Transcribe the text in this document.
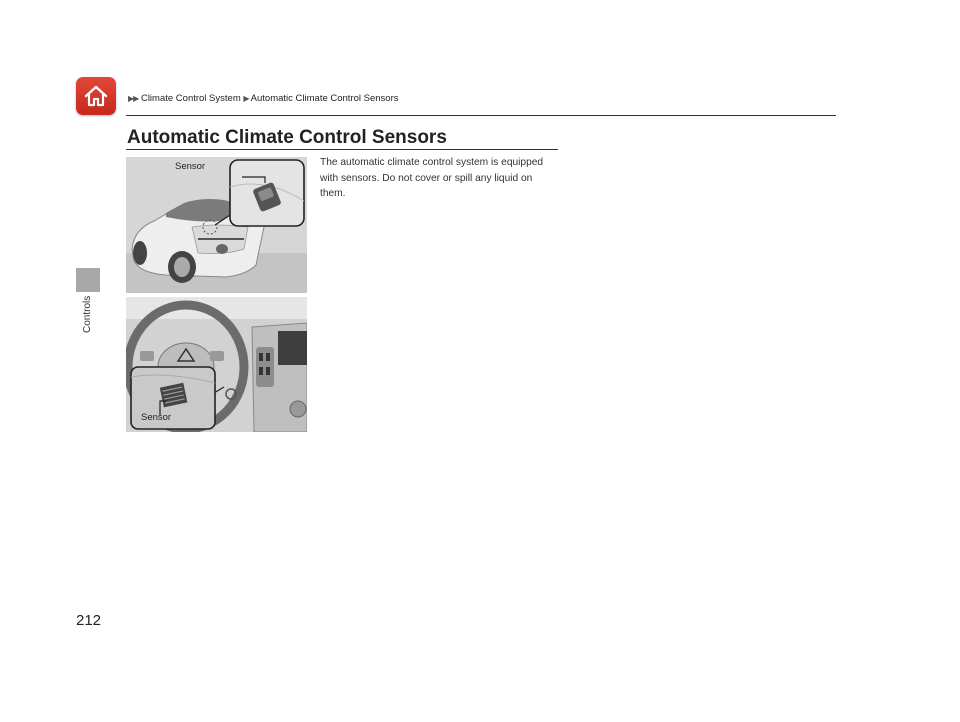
▶▶ Climate Control System ▶ Automatic Climate Control Sensors
Controls
Automatic Climate Control Sensors
The automatic climate control system is equipped with sensors. Do not cover or spill any liquid on them.
Sensor
Sensor
212
